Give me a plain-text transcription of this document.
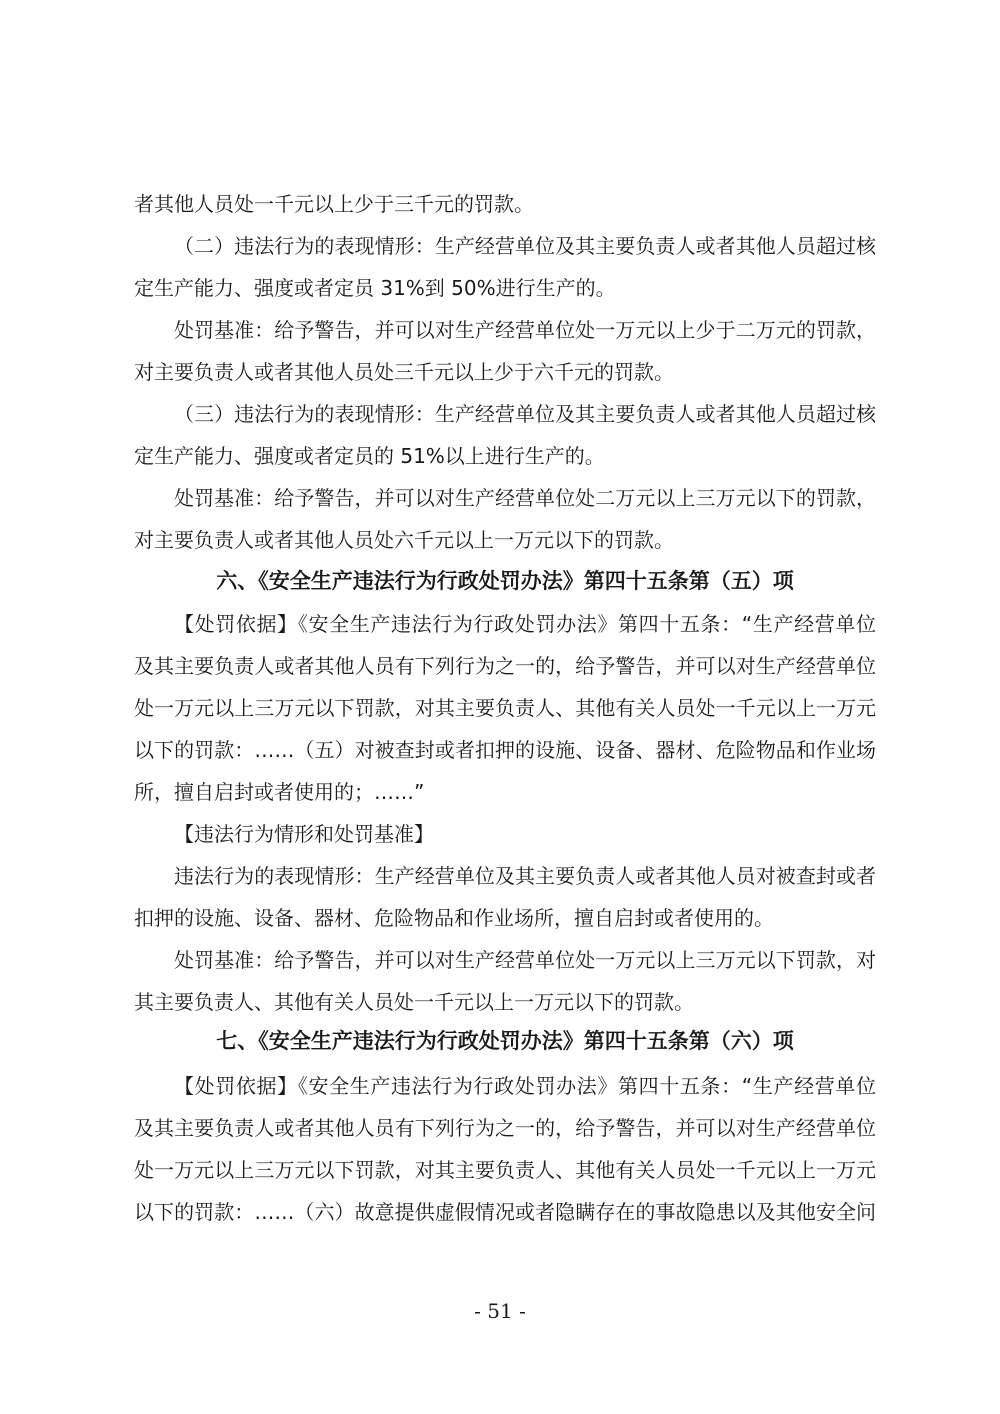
者其他人员处一千元以上少于三千元的罚款。
（二）违法行为的表现情形：生产经营单位及其主要负责人或者其他人员超过核
定生产能力、强度或者定员 31%到 50%进行生产的。
处罚基准：给予警告，并可以对生产经营单位处一万元以上少于二万元的罚款，
对主要负责人或者其他人员处三千元以上少于六千元的罚款。
（三）违法行为的表现情形：生产经营单位及其主要负责人或者其他人员超过核
定生产能力、强度或者定员的 51%以上进行生产的。
处罚基准：给予警告，并可以对生产经营单位处二万元以上三万元以下的罚款，
对主要负责人或者其他人员处六千元以上一万元以下的罚款。
六、《安全生产违法行为行政处罚办法》第四十五条第（五）项
【处罚依据】《安全生产违法行为行政处罚办法》第四十五条：“生产经营单位
及其主要负责人或者其他人员有下列行为之一的，给予警告，并可以对生产经营单位
处一万元以上三万元以下罚款，对其主要负责人、其他有关人员处一千元以上一万元
以下的罚款：……（五）对被查封或者扣押的设施、设备、器材、危险物品和作业场
所，擅自启封或者使用的；……”
【违法行为情形和处罚基准】
违法行为的表现情形：生产经营单位及其主要负责人或者其他人员对被查封或者
扣押的设施、设备、器材、危险物品和作业场所，擅自启封或者使用的。
处罚基准：给予警告，并可以对生产经营单位处一万元以上三万元以下罚款，对
其主要负责人、其他有关人员处一千元以上一万元以下的罚款。
七、《安全生产违法行为行政处罚办法》第四十五条第（六）项
【处罚依据】《安全生产违法行为行政处罚办法》第四十五条：“生产经营单位
及其主要负责人或者其他人员有下列行为之一的，给予警告，并可以对生产经营单位
处一万元以上三万元以下罚款，对其主要负责人、其他有关人员处一千元以上一万元
以下的罚款：……（六）故意提供虚假情况或者隐瞒存在的事故隐患以及其他安全问
- 51 -
